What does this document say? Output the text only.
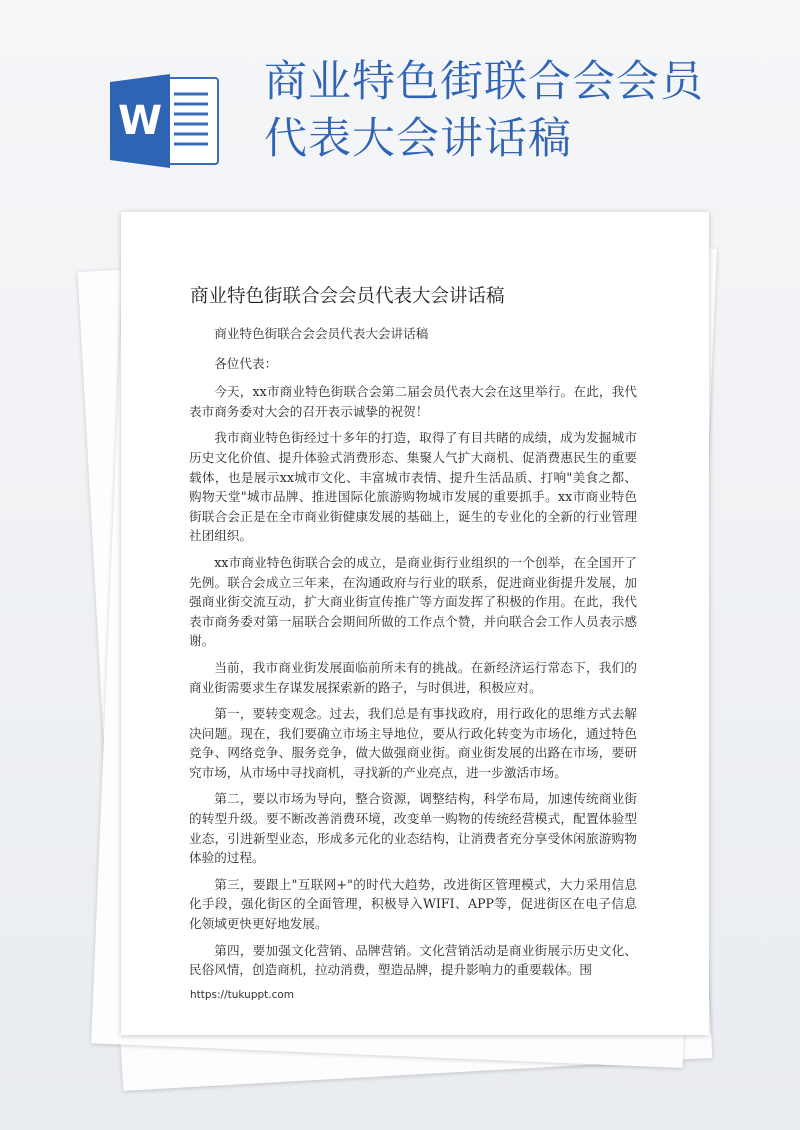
W
商业特色街联合会会员
代表大会讲话稿
商业特色街联合会会员代表大会讲话稿

商业特色街联合会会员代表大会讲话稿

各位代表：

今天，xx市商业特色街联合会第二届会员代表大会在这里举行。在此，我代表市商务委对大会的召开表示诚挚的祝贺！

我市商业特色街经过十多年的打造，取得了有目共睹的成绩，成为发掘城市历史文化价值、提升体验式消费形态、集聚人气扩大商机、促消费惠民生的重要载体，也是展示xx城市文化、丰富城市表情、提升生活品质、打响"美食之都、购物天堂"城市品牌、推进国际化旅游购物城市发展的重要抓手。xx市商业特色街联合会正是在全市商业街健康发展的基础上，诞生的专业化的全新的行业管理社团组织。

xx市商业特色街联合会的成立，是商业街行业组织的一个创举，在全国开了先例。联合会成立三年来，在沟通政府与行业的联系，促进商业街提升发展，加强商业街交流互动，扩大商业街宣传推广等方面发挥了积极的作用。在此，我代表市商务委对第一届联合会期间所做的工作点个赞，并向联合会工作人员表示感谢。

当前，我市商业街发展面临前所未有的挑战。在新经济运行常态下，我们的商业街需要求生存谋发展探索新的路子，与时俱进，积极应对。

第一，要转变观念。过去，我们总是有事找政府，用行政化的思维方式去解决问题。现在，我们要确立市场主导地位，要从行政化转变为市场化，通过特色竞争、网络竞争、服务竞争，做大做强商业街。商业街发展的出路在市场，要研究市场，从市场中寻找商机，寻找新的产业亮点，进一步激活市场。

第二，要以市场为导向，整合资源，调整结构，科学布局，加速传统商业街的转型升级。要不断改善消费环境，改变单一购物的传统经营模式，配置体验型业态，引进新型业态，形成多元化的业态结构，让消费者充分享受休闲旅游购物体验的过程。

第三，要跟上"互联网+"的时代大趋势，改进街区管理模式，大力采用信息化手段，强化街区的全面管理，积极导入WIFI、APP等，促进街区在电子信息化领域更快更好地发展。

第四，要加强文化营销、品牌营销。文化营销活动是商业街展示历史文化、民俗风情，创造商机，拉动消费，塑造品牌，提升影响力的重要载体。围

https://tukuppt.com
